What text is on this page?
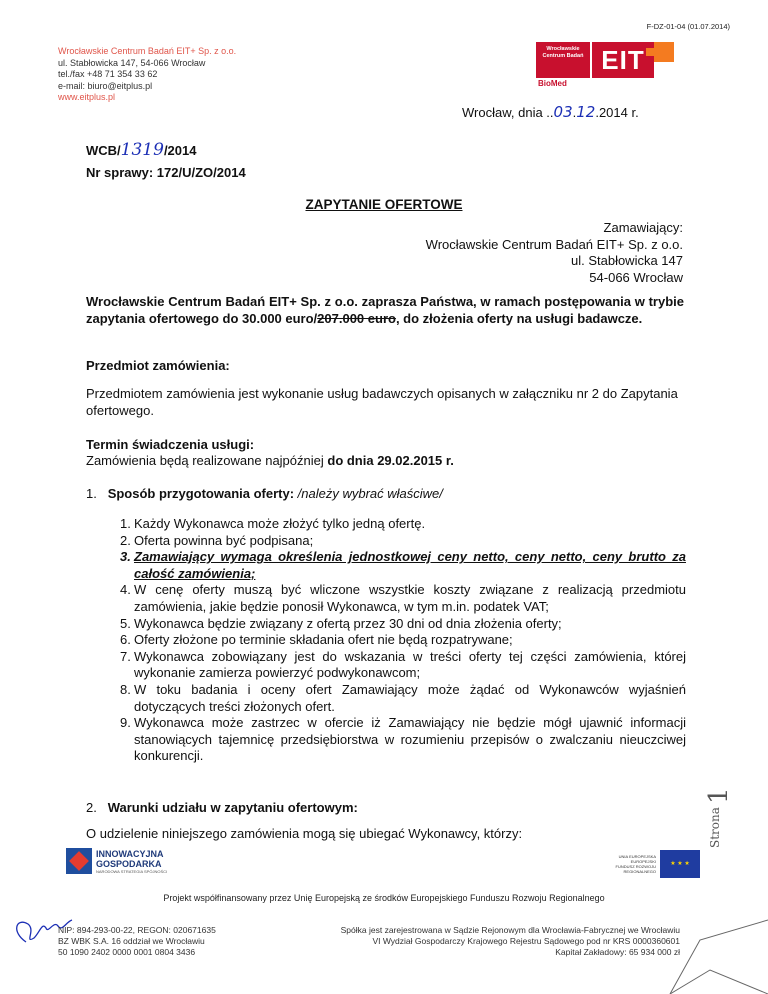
F-DZ-01-04 (01.07.2014)
Wrocławskie Centrum Badań EIT+ Sp. z o.o.
ul. Stabłowicka 147, 54-066 Wrocław
tel./fax +48 71 354 33 62
e-mail: biuro@eitplus.pl
www.eitplus.pl
Wrocławskie Centrum Badań EIT
BioMed
Wrocław, dnia ..03.12.2014 r.
WCB/1319/2014
Nr sprawy: 172/U/ZO/2014
ZAPYTANIE OFERTOWE
Zamawiający:
Wrocławskie Centrum Badań EIT+ Sp. z o.o.
ul. Stabłowicka 147
54-066 Wrocław
Wrocławskie Centrum Badań EIT+ Sp. z o.o. zaprasza Państwa, w ramach postępowania w trybie zapytania ofertowego do 30.000 euro/207.000 euro, do złożenia oferty na usługi badawcze.
Przedmiot zamówienia:
Przedmiotem zamówienia jest wykonanie usług badawczych opisanych w załączniku nr 2 do Zapytania ofertowego.
Termin świadczenia usługi:
Zamówienia będą realizowane najpóźniej do dnia 29.02.2015 r.
1. Sposób przygotowania oferty: /należy wybrać właściwe/
1. Każdy Wykonawca może złożyć tylko jedną ofertę.
2. Oferta powinna być podpisana;
3. Zamawiający wymaga określenia jednostkowej ceny netto, ceny netto, ceny brutto za całość zamówienia;
4. W cenę oferty muszą być wliczone wszystkie koszty związane z realizacją przedmiotu zamówienia, jakie będzie ponosił Wykonawca, w tym m.in. podatek VAT;
5. Wykonawca będzie związany z ofertą przez 30 dni od dnia złożenia oferty;
6. Oferty złożone po terminie składania ofert nie będą rozpatrywane;
7. Wykonawca zobowiązany jest do wskazania w treści oferty tej części zamówienia, której wykonanie zamierza powierzyć podwykonawcom;
8. W toku badania i oceny ofert Zamawiający może żądać od Wykonawców wyjaśnień dotyczących treści złożonych ofert.
9. Wykonawca może zastrzec w ofercie iż Zamawiający nie będzie mógł ujawnić informacji stanowiących tajemnicę przedsiębiorstwa w rozumieniu przepisów o zwalczaniu nieuczciwej konkurencji.
2. Warunki udziału w zapytaniu ofertowym:
O udzielenie niniejszego zamówienia mogą się ubiegać Wykonawcy, którzy:	Strona
1
INNOWACYJNA
GOSPODARKA
NARODOWA STRATEGIA SPÓJNOŚCI
UNIA EUROPEJSKA EUROPEJSKI FUNDUSZ ROZWOJU REGIONALNEGO
★ ★ ★
Projekt współfinansowany przez Unię Europejską ze środków Europejskiego Funduszu Rozwoju Regionalnego
NIP: 894-293-00-22, REGON: 020671635
BZ WBK S.A. 16 oddział we Wrocławiu
50 1090 2402 0000 0001 0804 3436
Spółka jest zarejestrowana w Sądzie Rejonowym dla Wrocławia-Fabrycznej we Wrocławiu
VI Wydział Gospodarczy Krajowego Rejestru Sądowego pod nr KRS 0000360601
Kapitał Zakładowy: 65 934 000 zł
